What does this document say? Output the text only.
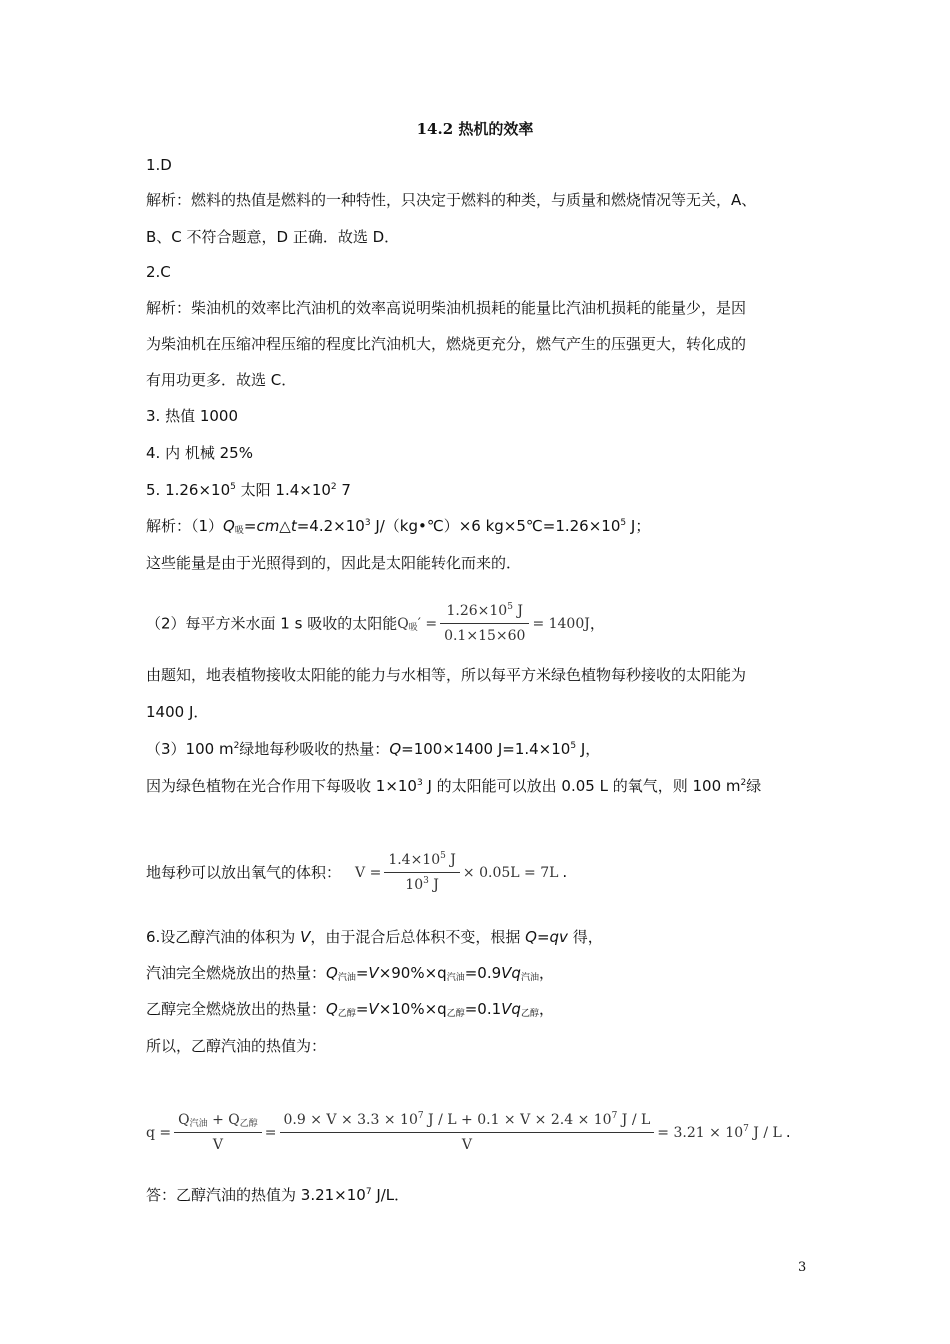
14.2 热机的效率
1.D
解析：燃料的热值是燃料的一种特性，只决定于燃料的种类，与质量和燃烧情况等无关，A、
B、C 不符合题意，D 正确．故选 D．
2.C
解析：柴油机的效率比汽油机的效率高说明柴油机损耗的能量比汽油机损耗的能量少，是因
为柴油机在压缩冲程压缩的程度比汽油机大，燃烧更充分，燃气产生的压强更大，转化成的
有用功更多．故选 C．
3. 热值 1000
4. 内 机械 25%
5. $1.26\times 10^5$ 太阳 $1.4\times 10^2$ 7
解析：$(1)Q_吸=cm\triangle t=4.2\times 10^3$ J/（kg•℃）×6 $kg\times 5℃=1.26\times 10^5$ J；
这些能量是由于光照得到的，因此是太阳能转化而来的．
（2）每平方米水面 1 s 吸收的太阳能$Q_吸' = \frac{1.26\times 10^5 J}{0.1\times 15\times 60} = 1400J$，
由题知，地表植物接收太阳能的能力与水相等，所以每平方米绿色植物每秒接收的太阳能为
1400 J．
（3）100 $m^2$绿地每秒吸收的热量：Q=100×1400 $J=1.4\times 10^5$ J，
因为绿色植物在光合作用下每吸收 $1\times 10^3$ J 的太阳能可以放出 0.05 L 的氧气，则 100 $m^2$绿
地每秒可以放出氧气的体积： $V = \frac{1.4\times 10^5 J}{10^3 J} \times 0.05L = 7L$ .
6.设乙醇汽油的体积为 V，由于混合后总体积不变，根据 Q=qv 得，
汽油完全燃烧放出的热量：$Q_{汽油}=V\times 90\%\times q_{汽油}=0.9Vq_{汽油}$，
乙醇完全燃烧放出的热量：$Q_{乙醇}=V\times 10\%\times q_{乙醇}=0.1Vq_{乙醇}$，
所以，乙醇汽油的热值为：
$q = \frac{Q_{汽油} + Q_{乙醇}}{V} = \frac{0.9 \times V \times 3.3 \times 10^7 J / L + 0.1 \times V \times 2.4 \times 10^7 J / L}{V} = 3.21 \times 10^7$ J / L .
答：乙醇汽油的热值为 $3.21\times 10^7$ J/L．
3
